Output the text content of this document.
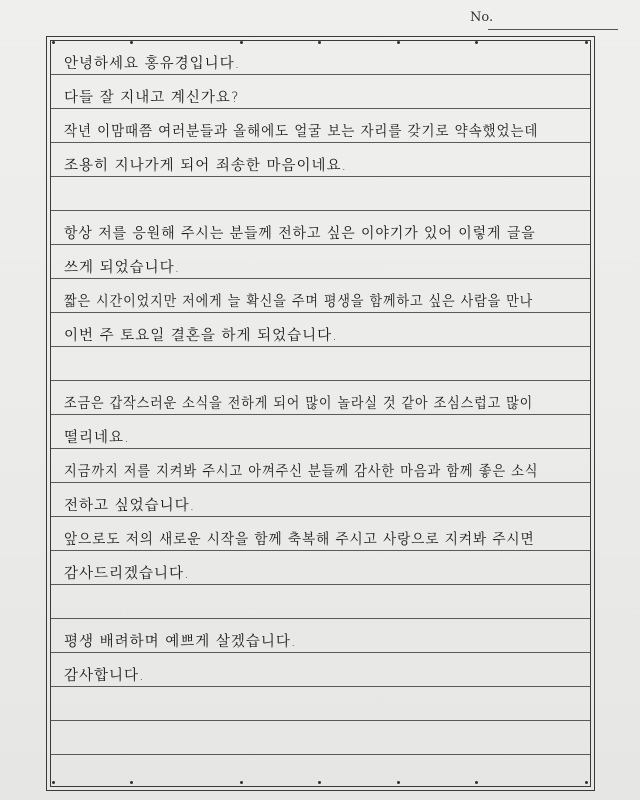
No.
안녕하세요 홍유경입니다.
다들 잘 지내고 계신가요?
작년 이맘때쯤 여러분들과 올해에도 얼굴 보는 자리를 갖기로 약속했었는데
조용히 지나가게 되어 죄송한 마음이네요.
항상 저를 응원해 주시는 분들께 전하고 싶은 이야기가 있어 이렇게 글을
쓰게 되었습니다.
짧은 시간이었지만 저에게 늘 확신을 주며 평생을 함께하고 싶은 사람을 만나
이번 주 토요일 결혼을 하게 되었습니다.
조금은 갑작스러운 소식을 전하게 되어 많이 놀라실 것 같아 조심스럽고 많이
떨리네요.
지금까지 저를 지켜봐 주시고 아껴주신 분들께 감사한 마음과 함께 좋은 소식
전하고 싶었습니다.
앞으로도 저의 새로운 시작을 함께 축복해 주시고 사랑으로 지켜봐 주시면
감사드리겠습니다.
평생 배려하며 예쁘게 살겠습니다.
감사합니다.
